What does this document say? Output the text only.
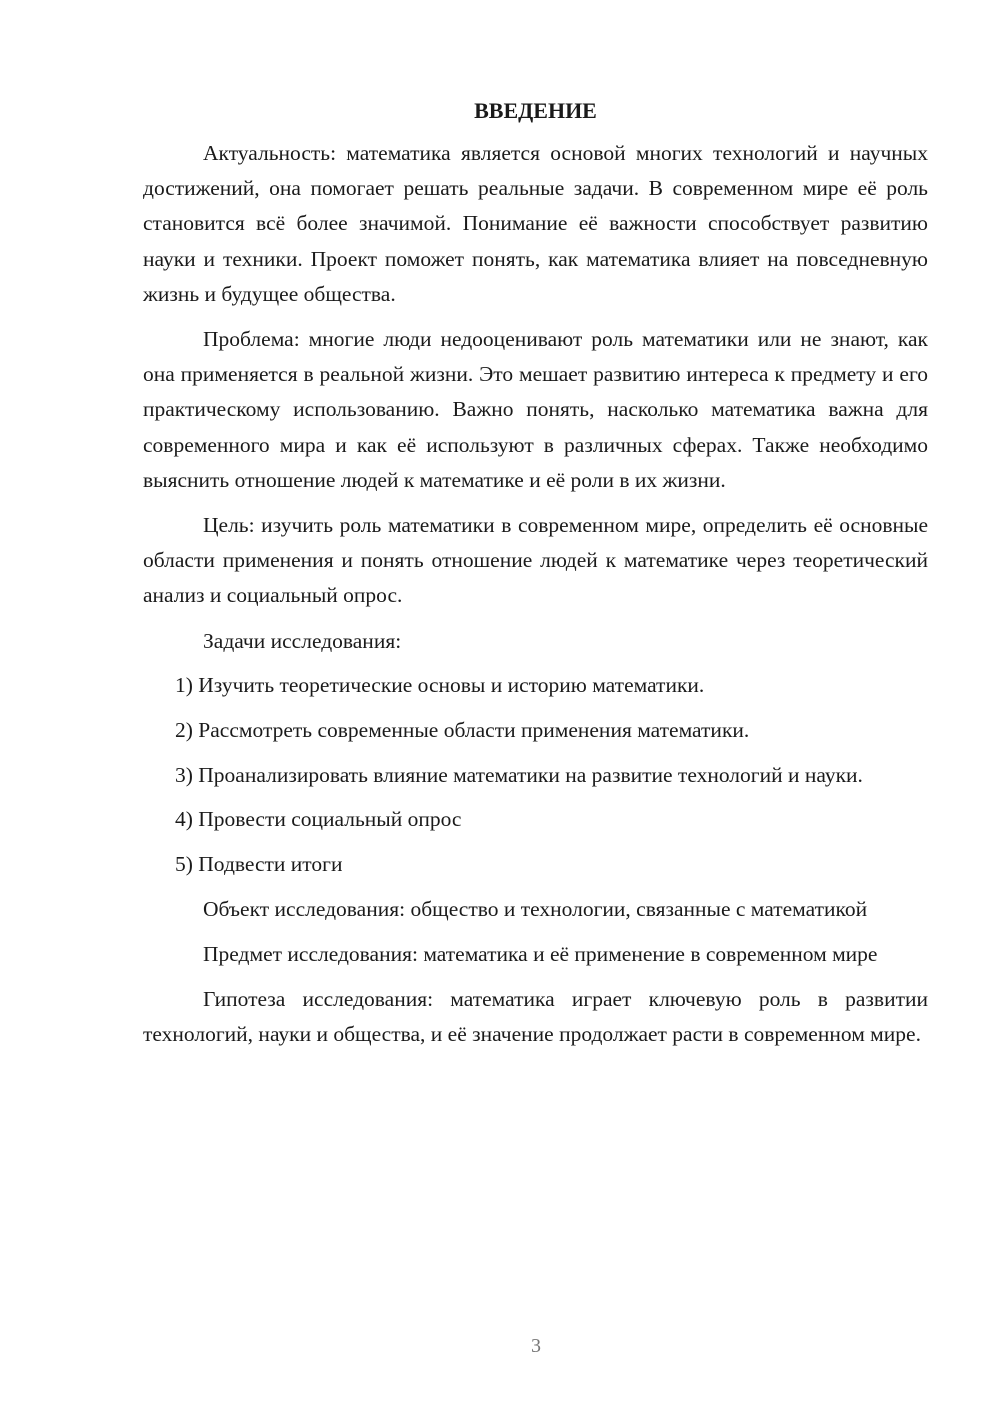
ВВЕДЕНИЕ

Актуальность: математика является основой многих технологий и научных достижений, она помогает решать реальные задачи. В современном мире её роль становится всё более значимой. Понимание её важности способствует развитию науки и техники. Проект поможет понять, как математика влияет на повседневную жизнь и будущее общества.

Проблема: многие люди недооценивают роль математики или не знают, как она применяется в реальной жизни. Это мешает развитию интереса к предмету и его практическому использованию. Важно понять, насколько математика важна для современного мира и как её используют в различных сферах. Также необходимо выяснить отношение людей к математике и её роли в их жизни.

Цель: изучить роль математики в современном мире, определить её основные области применения и понять отношение людей к математике через теоретический анализ и социальный опрос.

Задачи исследования:

1) Изучить теоретические основы и историю математики.

2) Рассмотреть современные области применения математики.

3) Проанализировать влияние математики на развитие технологий и науки.

4) Провести социальный опрос

5) Подвести итоги

Объект исследования: общество и технологии, связанные с математикой

Предмет исследования: математика и её применение в современном мире

Гипотеза исследования: математика играет ключевую роль в развитии технологий, науки и общества, и её значение продолжает расти в современном мире.

3
